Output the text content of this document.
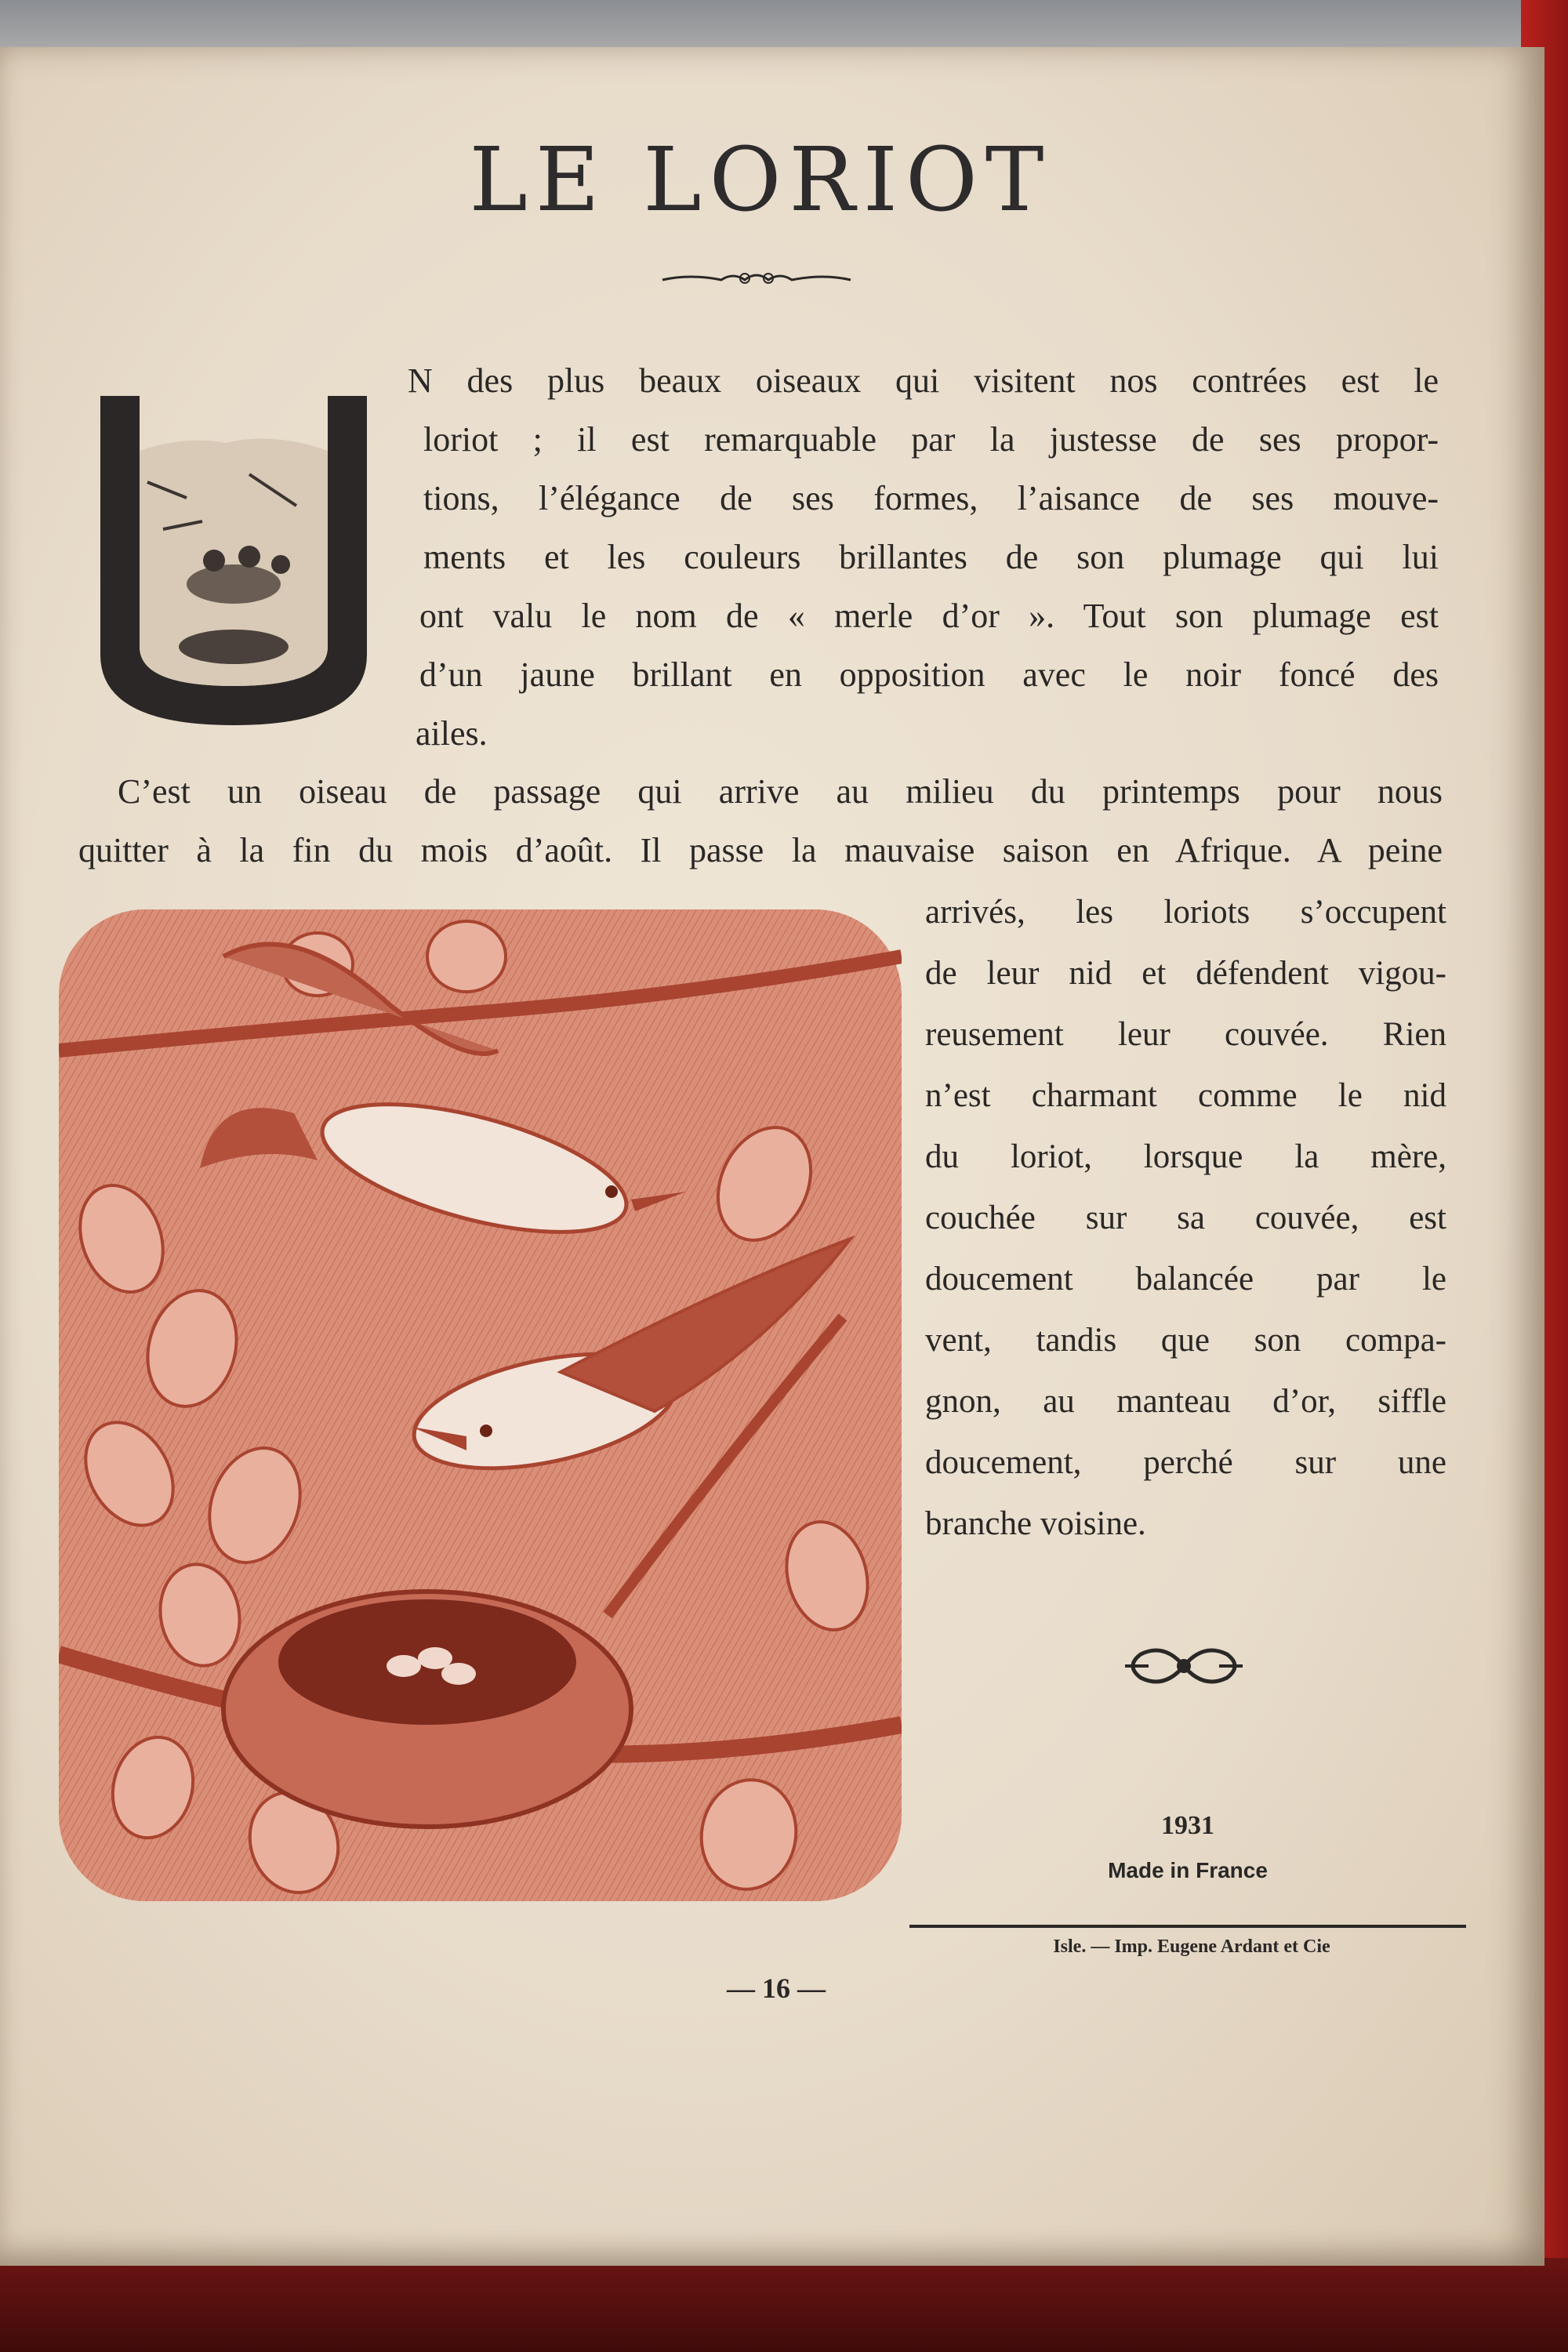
LE LORIOT
N des plus beaux oiseaux qui visitent nos contrées est le
loriot ; il est remarquable par la justesse de ses propor-
tions, l’élégance de ses formes, l’aisance de ses mouve-
ments et les couleurs brillantes de son plumage qui lui
ont valu le nom de « merle d’or ». Tout son plumage est
d’un jaune brillant en opposition avec le noir foncé des
ailes.
C’est un oiseau de passage qui arrive au milieu du printemps pour nous
quitter à la fin du mois d’août. Il passe la mauvaise saison en Afrique. A peine
arrivés, les loriots s’occupent
de leur nid et défendent vigou-
reusement leur couvée. Rien
n’est charmant comme le nid
du loriot, lorsque la mère,
couchée sur sa couvée, est
doucement balancée par le
vent, tandis que son compa-
gnon, au manteau d’or, siffle
doucement, perché sur une
branche voisine.
1931
Made in France
Isle. — Imp. Eugene Ardant et Cie
— 16 —
